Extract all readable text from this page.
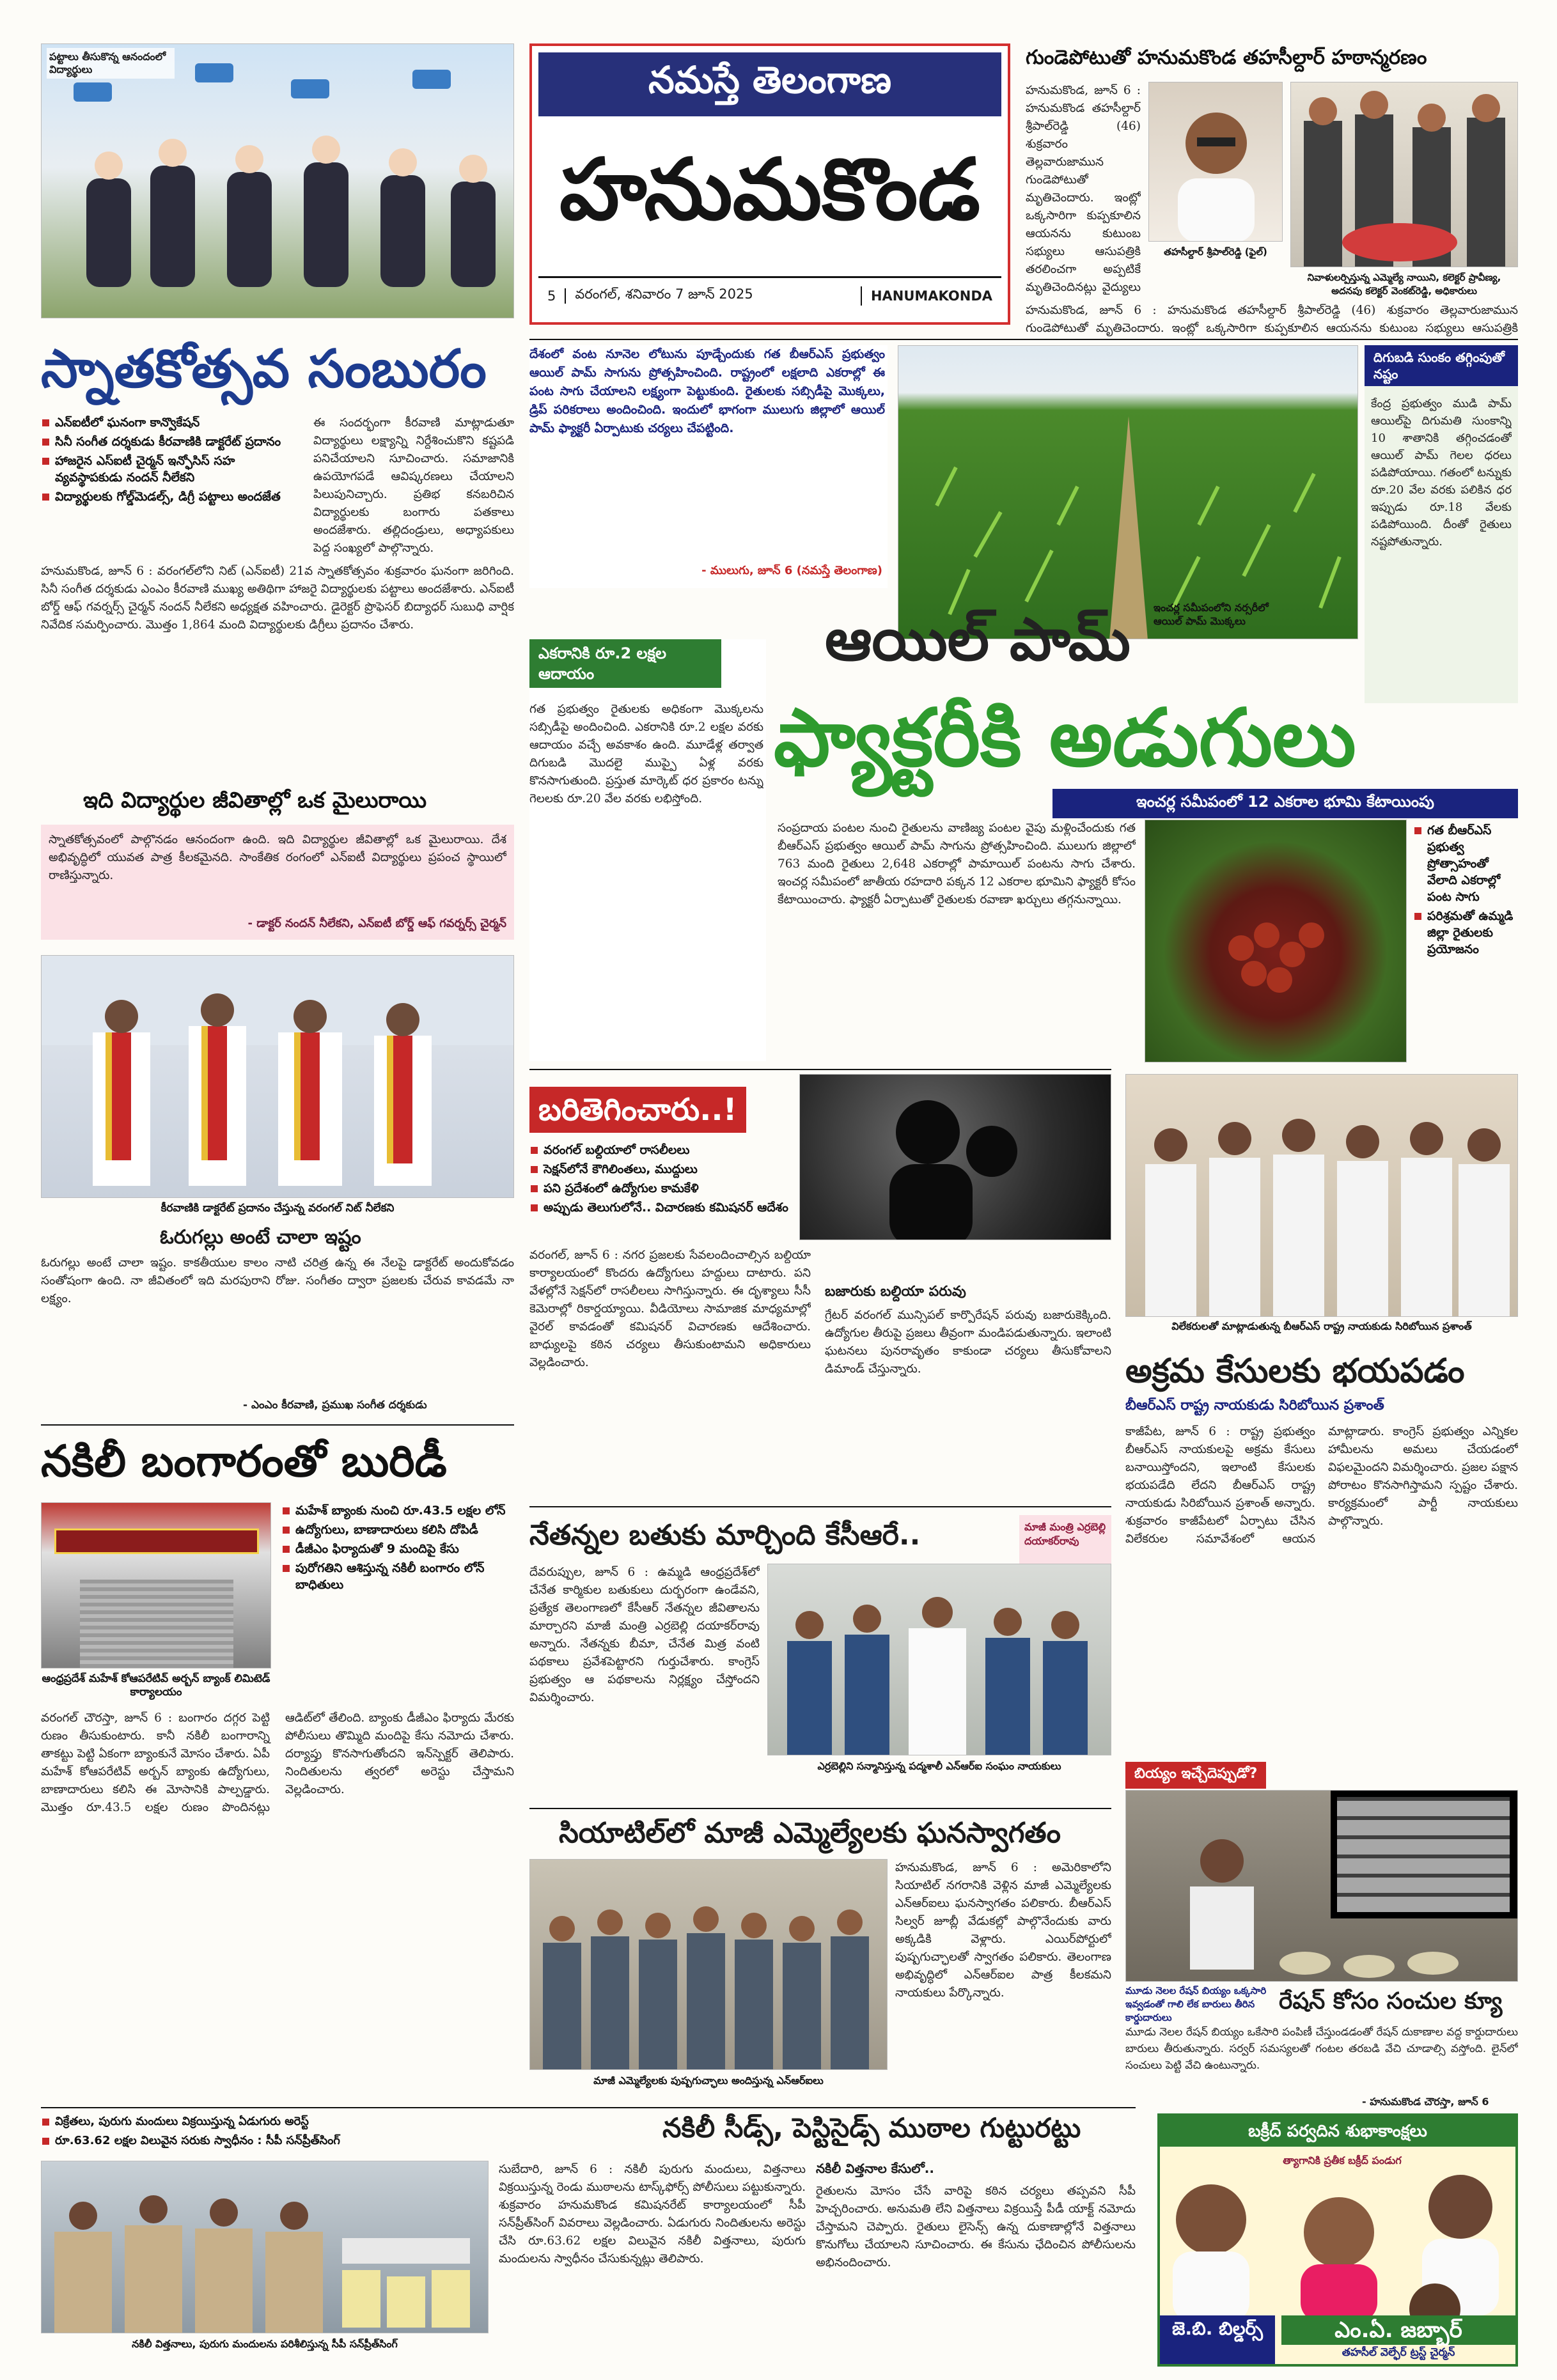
నమస్తే తెలంగాణ
హనుమకొండ
5	వరంగల్, శనివారం 7 జూన్ 2025	HANUMAKONDA
పట్టాలు తీసుకొన్న ఆనందంలో విద్యార్థులు
స్నాతకోత్సవ సంబురం
ఎన్‌ఐటీలో ఘనంగా కాన్వొకేషన్
సినీ సంగీత దర్శకుడు కీరవాణికి డాక్టరేట్ ప్రదానం
హాజరైన ఎస్‌ఐటీ చైర్మన్ ఇన్ఫోసిస్ సహ వ్యవస్థాపకుడు నందన్ నీలేకని
విద్యార్థులకు గోల్డ్‌మెడల్స్, డిగ్రీ పట్టాలు అందజేత
ఈ సందర్భంగా కీరవాణి మాట్లాడుతూ విద్యార్థులు లక్ష్యాన్ని నిర్దేశించుకొని కష్టపడి పనిచేయాలని సూచించారు. సమాజానికి ఉపయోగపడే ఆవిష్కరణలు చేయాలని పిలుపునిచ్చారు. ప్రతిభ కనబరిచిన విద్యార్థులకు బంగారు పతకాలు అందజేశారు. తల్లిదండ్రులు, అధ్యాపకులు పెద్ద సంఖ్యలో పాల్గొన్నారు.
హనుమకొండ, జూన్ 6 : వరంగల్‌లోని నిట్‌ (ఎన్‌ఐటీ) 21వ స్నాతకోత్సవం శుక్రవారం ఘనంగా జరిగింది. సినీ సంగీత దర్శకుడు ఎంఎం కీరవాణి ముఖ్య అతిథిగా హాజరై విద్యార్థులకు పట్టాలు అందజేశారు. ఎన్‌ఐటీ బోర్డ్ ఆఫ్ గవర్నర్స్ చైర్మన్ నందన్ నీలేకని అధ్యక్షత వహించారు. డైరెక్టర్ ప్రొఫెసర్ బిద్యాధర్ సుబుధి వార్షిక నివేదిక సమర్పించారు. మొత్తం 1,864 మంది విద్యార్థులకు డిగ్రీలు ప్రదానం చేశారు.
ఇది విద్యార్థుల జీవితాల్లో ఒక మైలురాయి
స్నాతకోత్సవంలో పాల్గొనడం ఆనందంగా ఉంది. ఇది విద్యార్థుల జీవితాల్లో ఒక మైలురాయి. దేశ అభివృద్ధిలో యువత పాత్ర కీలకమైనది. సాంకేతిక రంగంలో ఎన్‌ఐటీ విద్యార్థులు ప్రపంచ స్థాయిలో రాణిస్తున్నారు.
- డాక్టర్ నందన్ నీలేకని, ఎన్‌ఐటీ బోర్డ్ ఆఫ్ గవర్నర్స్ చైర్మన్
కీరవాణికి డాక్టరేట్ ప్రదానం చేస్తున్న వరంగల్ నిట్ నీలేకని
ఓరుగల్లు అంటే చాలా ఇష్టం
ఓరుగల్లు అంటే చాలా ఇష్టం. కాకతీయుల కాలం నాటి చరిత్ర ఉన్న ఈ నేలపై డాక్టరేట్ అందుకోవడం సంతోషంగా ఉంది. నా జీవితంలో ఇది మరపురాని రోజు. సంగీతం ద్వారా ప్రజలకు చేరువ కావడమే నా లక్ష్యం.
- ఎంఎం కీరవాణి, ప్రముఖ సంగీత దర్శకుడు
నకిలీ బంగారంతో బురిడీ
ఆంధ్రప్రదేశ్ మహేశ్ కోఆపరేటివ్ అర్బన్ బ్యాంక్ లిమిటెడ్ కార్యాలయం
మహేశ్ బ్యాంకు నుంచి రూ.43.5 లక్షల లోన్
ఉద్యోగులు, బాణాదారులు కలిసి దోపిడీ
డీజీఎం ఫిర్యాదుతో 9 మందిపై కేసు
పురోగతిని ఆశిస్తున్న నకిలీ బంగారం లోన్ బాధితులు
వరంగల్ చౌరస్తా, జూన్ 6 : బంగారం దగ్గర పెట్టి రుణం తీసుకుంటారు. కానీ నకిలీ బంగారాన్ని తాకట్టు పెట్టి ఏకంగా బ్యాంకునే మోసం చేశారు. ఏపీ మహేశ్ కోఆపరేటివ్ అర్బన్ బ్యాంకు ఉద్యోగులు, బాణాదారులు కలిసి ఈ మోసానికి పాల్పడ్డారు. మొత్తం రూ.43.5 లక్షల రుణం పొందినట్లు ఆడిట్‌లో తేలింది. బ్యాంకు డీజీఎం ఫిర్యాదు మేరకు పోలీసులు తొమ్మిది మందిపై కేసు నమోదు చేశారు. దర్యాప్తు కొనసాగుతోందని ఇన్‌స్పెక్టర్ తెలిపారు. నిందితులను త్వరలో అరెస్టు చేస్తామని వెల్లడించారు.
గుండెపోటుతో హనుమకొండ తహసీల్దార్ హఠాన్మరణం
హనుమకొండ, జూన్ 6 : హనుమకొండ తహసీల్దార్ శ్రీపాల్‌రెడ్డి (46) శుక్రవారం తెల్లవారుజామున గుండెపోటుతో మృతిచెందారు. ఇంట్లో ఒక్కసారిగా కుప్పకూలిన ఆయనను కుటుంబ సభ్యులు ఆసుపత్రికి తరలించగా అప్పటికే మృతిచెందినట్లు వైద్యులు
తహసీల్దార్ శ్రీపాల్‌రెడ్డి (ఫైల్)
నివాళులర్పిస్తున్న ఎమ్మెల్యే నాయిని, కలెక్టర్ ప్రావీణ్య, అదనపు కలెక్టర్ వెంకట్‌రెడ్డి, అధికారులు
హనుమకొండ, జూన్ 6 : హనుమకొండ తహసీల్దార్ శ్రీపాల్‌రెడ్డి (46) శుక్రవారం తెల్లవారుజామున గుండెపోటుతో మృతిచెందారు. ఇంట్లో ఒక్కసారిగా కుప్పకూలిన ఆయనను కుటుంబ సభ్యులు ఆసుపత్రికి
దేశంలో వంట నూనెల లోటును పూడ్చేందుకు గత బీఆర్‌ఎస్ ప్రభుత్వం ఆయిల్ పామ్ సాగును ప్రోత్సహించింది. రాష్ట్రంలో లక్షలాది ఎకరాల్లో ఈ పంట సాగు చేయాలని లక్ష్యంగా పెట్టుకుంది. రైతులకు సబ్సిడీపై మొక్కలు, డ్రిప్ పరికరాలు అందించింది. ఇందులో భాగంగా ములుగు జిల్లాలో ఆయిల్ పామ్ ఫ్యాక్టరీ ఏర్పాటుకు చర్యలు చేపట్టింది.
- ములుగు, జూన్ 6 (నమస్తే తెలంగాణ)
ఇంచర్ల సమీపంలోని నర్సరీలో ఆయిల్ పామ్ మొక్కలు
దిగుబడి సుంకం తగ్గింపుతో నష్టం
కేంద్ర ప్రభుత్వం ముడి పామ్ ఆయిల్‌పై దిగుమతి సుంకాన్ని 10 శాతానికి తగ్గించడంతో ఆయిల్ పామ్ గెలల ధరలు పడిపోయాయి. గతంలో టన్నుకు రూ.20 వేల వరకు పలికిన ధర ఇప్పుడు రూ.18 వేలకు పడిపోయింది. దీంతో రైతులు నష్టపోతున్నారు.
ఆయిల్ పామ్
ఫ్యాక్టరీకి అడుగులు
ఇంచర్ల సమీపంలో 12 ఎకరాల భూమి కేటాయింపు
ఎకరానికి రూ.2 లక్షల ఆదాయం
గత ప్రభుత్వం రైతులకు అధికంగా మొక్కలను సబ్సిడీపై అందించింది. ఎకరానికి రూ.2 లక్షల వరకు ఆదాయం వచ్చే అవకాశం ఉంది. మూడేళ్ల తర్వాత దిగుబడి మొదలై ముప్పై ఏళ్ల వరకు కొనసాగుతుంది. ప్రస్తుత మార్కెట్ ధర ప్రకారం టన్ను గెలలకు రూ.20 వేల వరకు లభిస్తోంది.
సంప్రదాయ పంటల నుంచి రైతులను వాణిజ్య పంటల వైపు మళ్లించేందుకు గత బీఆర్‌ఎస్ ప్రభుత్వం ఆయిల్ పామ్ సాగును ప్రోత్సహించింది. ములుగు జిల్లాలో 763 మంది రైతులు 2,648 ఎకరాల్లో పామాయిల్ పంటను సాగు చేశారు. ఇంచర్ల సమీపంలో జాతీయ రహదారి పక్కన 12 ఎకరాల భూమిని ఫ్యాక్టరీ కోసం కేటాయించారు. ఫ్యాక్టరీ ఏర్పాటుతో రైతులకు రవాణా ఖర్చులు తగ్గనున్నాయి.
గత బీఆర్‌ఎస్ ప్రభుత్వ ప్రోత్సాహంతో వేలాది ఎకరాల్లో పంట సాగు
పరిశ్రమతో ఉమ్మడి జిల్లా రైతులకు ప్రయోజనం
బరితెగించారు..!
వరంగల్ బల్దియాలో రాసలీలలు
సెక్షన్‌లోనే కౌగిలింతలు, ముద్దులు
పని ప్రదేశంలో ఉద్యోగుల కామకేళి
అప్పుడు తెలుగులోనే.. విచారణకు కమిషనర్ ఆదేశం
వరంగల్, జూన్ 6 : నగర ప్రజలకు సేవలందించాల్సిన బల్దియా కార్యాలయంలో కొందరు ఉద్యోగులు హద్దులు దాటారు. పని వేళల్లోనే సెక్షన్‌లో రాసలీలలు సాగిస్తున్నారు. ఈ దృశ్యాలు సీసీ కెమెరాల్లో రికార్డయ్యాయి. వీడియోలు సామాజిక మాధ్యమాల్లో వైరల్ కావడంతో కమిషనర్ విచారణకు ఆదేశించారు. బాధ్యులపై కఠిన చర్యలు తీసుకుంటామని అధికారులు వెల్లడించారు.
బజారుకు బల్దియా పరువు
గ్రేటర్ వరంగల్ మున్సిపల్ కార్పొరేషన్ పరువు బజారుకెక్కింది. ఉద్యోగుల తీరుపై ప్రజలు తీవ్రంగా మండిపడుతున్నారు. ఇలాంటి ఘటనలు పునరావృతం కాకుండా చర్యలు తీసుకోవాలని డిమాండ్ చేస్తున్నారు.
విలేకరులతో మాట్లాడుతున్న బీఆర్‌ఎస్ రాష్ట్ర నాయకుడు సిరిబోయిన ప్రశాంత్
అక్రమ కేసులకు భయపడం
బీఆర్‌ఎస్ రాష్ట్ర నాయకుడు సిరిబోయిన ప్రశాంత్
కాజీపేట, జూన్ 6 : రాష్ట్ర ప్రభుత్వం బీఆర్‌ఎస్ నాయకులపై అక్రమ కేసులు బనాయిస్తోందని, ఇలాంటి కేసులకు భయపడేది లేదని బీఆర్‌ఎస్ రాష్ట్ర నాయకుడు సిరిబోయిన ప్రశాంత్ అన్నారు. శుక్రవారం కాజీపేటలో ఏర్పాటు చేసిన విలేకరుల సమావేశంలో ఆయన మాట్లాడారు. కాంగ్రెస్ ప్రభుత్వం ఎన్నికల హామీలను అమలు చేయడంలో విఫలమైందని విమర్శించారు. ప్రజల పక్షాన పోరాటం కొనసాగిస్తామని స్పష్టం చేశారు. కార్యక్రమంలో పార్టీ నాయకులు పాల్గొన్నారు.
నేతన్నల బతుకు మార్చింది కేసీఆరే..	మాజీ మంత్రి ఎర్రబెల్లి దయాకర్‌రావు
దేవరుప్పుల, జూన్ 6 : ఉమ్మడి ఆంధ్రప్రదేశ్‌లో చేనేత కార్మికుల బతుకులు దుర్భరంగా ఉండేవని, ప్రత్యేక తెలంగాణలో కేసీఆర్ నేతన్నల జీవితాలను మార్చారని మాజీ మంత్రి ఎర్రబెల్లి దయాకర్‌రావు అన్నారు. నేతన్నకు బీమా, చేనేత మిత్ర వంటి పథకాలు ప్రవేశపెట్టారని గుర్తుచేశారు. కాంగ్రెస్ ప్రభుత్వం ఆ పథకాలను నిర్లక్ష్యం చేస్తోందని విమర్శించారు.
ఎర్రబెల్లిని సన్మానిస్తున్న పద్మశాలీ ఎన్‌ఆర్‌ఐ సంఘం నాయకులు
సియాటిల్‌లో మాజీ ఎమ్మెల్యేలకు ఘనస్వాగతం
మాజీ ఎమ్మెల్యేలకు పుష్పగుచ్ఛాలు అందిస్తున్న ఎన్‌ఆర్‌ఐలు
హనుమకొండ, జూన్ 6 : అమెరికాలోని సియాటిల్ నగరానికి వెళ్లిన మాజీ ఎమ్మెల్యేలకు ఎన్‌ఆర్‌ఐలు ఘనస్వాగతం పలికారు. బీఆర్‌ఎస్ సిల్వర్ జూబ్లీ వేడుకల్లో పాల్గొనేందుకు వారు అక్కడికి వెళ్లారు. ఎయిర్‌పోర్టులో పుష్పగుచ్ఛాలతో స్వాగతం పలికారు. తెలంగాణ అభివృద్ధిలో ఎన్‌ఆర్‌ఐల పాత్ర కీలకమని నాయకులు పేర్కొన్నారు.
బియ్యం ఇచ్చేదెప్పుడో?
మూడు నెలల రేషన్ బియ్యం ఒక్కసారి ఇవ్వడంతో గాలి లేక బారులు తీరిన కార్డుదారులు
రేషన్ కోసం సంచుల క్యూ
మూడు నెలల రేషన్ బియ్యం ఒకేసారి పంపిణీ చేస్తుండడంతో రేషన్ దుకాణాల వద్ద కార్డుదారులు బారులు తీరుతున్నారు. సర్వర్ సమస్యలతో గంటల తరబడి వేచి చూడాల్సి వస్తోంది. లైన్‌లో సంచులు పెట్టి వేచి ఉంటున్నారు.
- హనుమకొండ చౌరస్తా, జూన్ 6
విక్రేతలు, పురుగు మందులు విక్రయిస్తున్న ఏడుగురు అరెస్ట్
రూ.63.62 లక్షల విలువైన సరుకు స్వాధీనం : సీపీ సన్‌ప్రీత్‌సింగ్
నకిలీ విత్తనాలు, పురుగు మందులను పరిశీలిస్తున్న సీపీ సన్‌ప్రీత్‌సింగ్
నకిలీ సీడ్స్, పెస్టిసైడ్స్ ముఠాల గుట్టురట్టు
సుబేదారి, జూన్ 6 : నకిలీ పురుగు మందులు, విత్తనాలు విక్రయిస్తున్న రెండు ముఠాలను టాస్క్‌ఫోర్స్ పోలీసులు పట్టుకున్నారు. శుక్రవారం హనుమకొండ కమిషనరేట్ కార్యాలయంలో సీపీ సన్‌ప్రీత్‌సింగ్ వివరాలు వెల్లడించారు. ఏడుగురు నిందితులను అరెస్టు చేసి రూ.63.62 లక్షల విలువైన నకిలీ విత్తనాలు, పురుగు మందులను స్వాధీనం చేసుకున్నట్లు తెలిపారు.
నకిలీ విత్తనాల కేసులో..
రైతులను మోసం చేసే వారిపై కఠిన చర్యలు తప్పవని సీపీ హెచ్చరించారు. అనుమతి లేని విత్తనాలు విక్రయిస్తే పీడీ యాక్ట్ నమోదు చేస్తామని చెప్పారు. రైతులు లైసెన్స్ ఉన్న దుకాణాల్లోనే విత్తనాలు కొనుగోలు చేయాలని సూచించారు. ఈ కేసును ఛేదించిన పోలీసులను అభినందించారు.
బక్రీద్ పర్వదిన శుభాకాంక్షలు
త్యాగానికి ప్రతీక బక్రీద్ పండుగ
జె.బి. బిల్డర్స్	ఎం.ఏ. జబ్బార్
తహసీల్ వెల్ఫేర్ ట్రస్ట్ చైర్మన్
